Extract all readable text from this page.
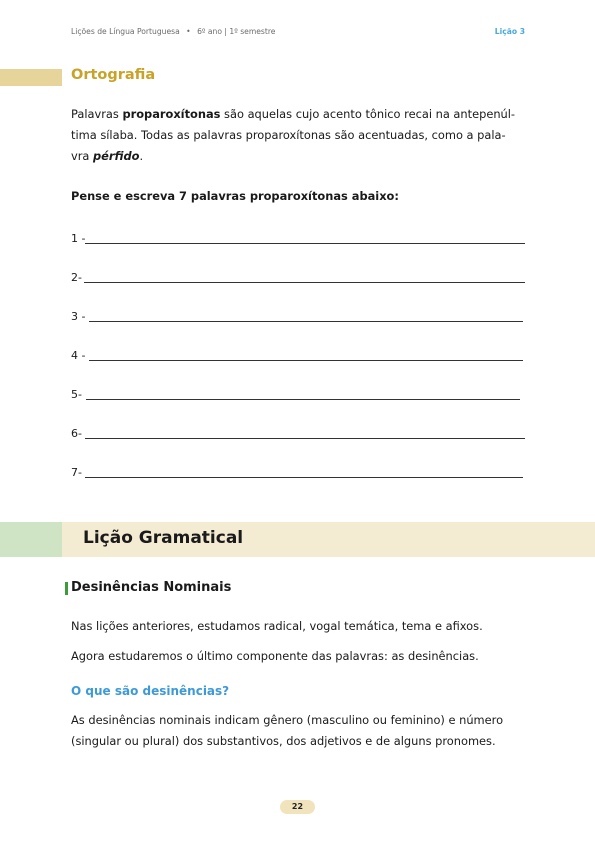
Lições de Língua Portuguesa • 6º ano | 1º semestre	Lição 3
Ortografia
Palavras proparoxítonas são aquelas cujo acento tônico recai na antepenúl-
tima sílaba. Todas as palavras proparoxítonas são acentuadas, como a pala-
vra pérfido.
Pense e escreva 7 palavras proparoxítonas abaixo:
1 -
2-
3 -
4 -
5-
6-
7-
Lição Gramatical
Desinências Nominais
Nas lições anteriores, estudamos radical, vogal temática, tema e afixos.
Agora estudaremos o último componente das palavras: as desinências.
O que são desinências?
As desinências nominais indicam gênero (masculino ou feminino) e número
(singular ou plural) dos substantivos, dos adjetivos e de alguns pronomes.
22
